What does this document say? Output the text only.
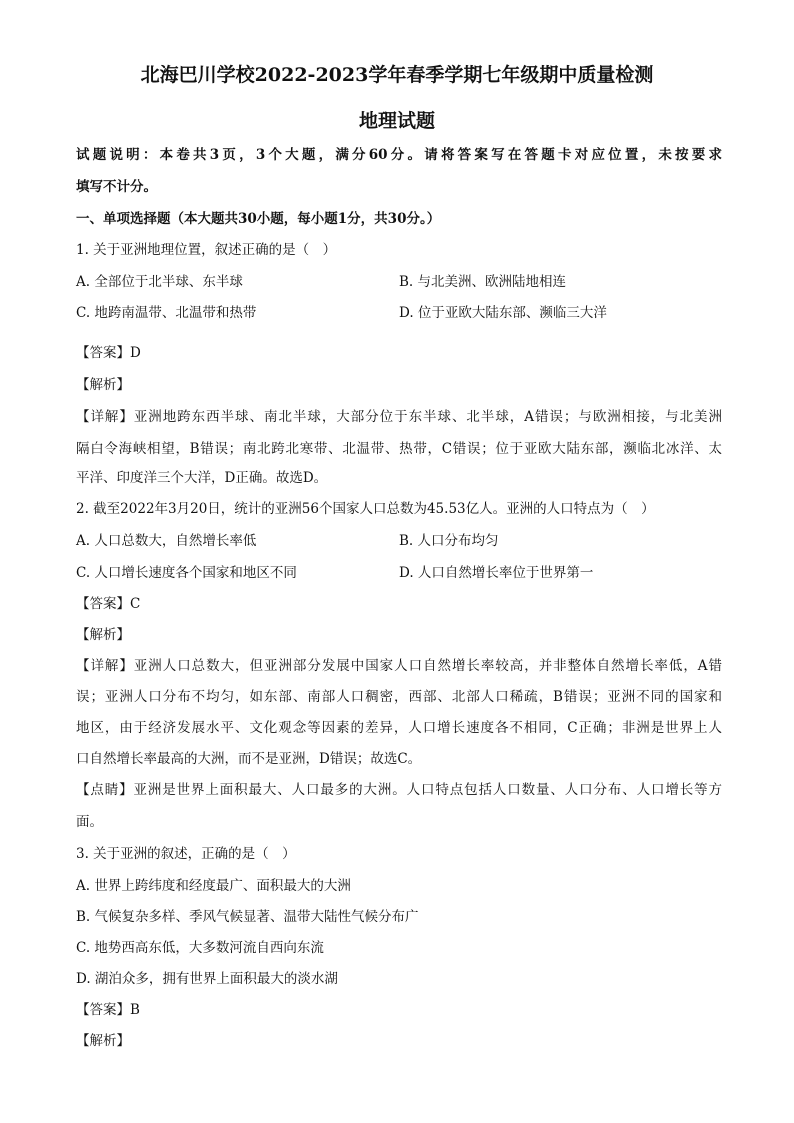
北海巴川学校2022-2023学年春季学期七年级期中质量检测
地理试题
试题说明：本卷共3页，3个大题，满分60分。请将答案写在答题卡对应位置，未按要求
填写不计分。
一、单项选择题（本大题共30小题，每小题1分，共30分。）
1. 关于亚洲地理位置，叙述正确的是（　）
A. 全部位于北半球、东半球	B. 与北美洲、欧洲陆地相连
C. 地跨南温带、北温带和热带	D. 位于亚欧大陆东部、濒临三大洋
【答案】D
【解析】
【详解】亚洲地跨东西半球、南北半球，大部分位于东半球、北半球，A错误；与欧洲相接，与北美洲
隔白令海峡相望，B错误；南北跨北寒带、北温带、热带，C错误；位于亚欧大陆东部，濒临北冰洋、太
平洋、印度洋三个大洋，D正确。故选D。
2. 截至2022年3月20日，统计的亚洲56个国家人口总数为45.53亿人。亚洲的人口特点为（　）
A. 人口总数大，自然增长率低	B. 人口分布均匀
C. 人口增长速度各个国家和地区不同	D. 人口自然增长率位于世界第一
【答案】C
【解析】
【详解】亚洲人口总数大，但亚洲部分发展中国家人口自然增长率较高，并非整体自然增长率低，A错
误；亚洲人口分布不均匀，如东部、南部人口稠密，西部、北部人口稀疏，B错误；亚洲不同的国家和
地区，由于经济发展水平、文化观念等因素的差异，人口增长速度各不相同，C正确；非洲是世界上人
口自然增长率最高的大洲，而不是亚洲，D错误；故选C。
【点睛】亚洲是世界上面积最大、人口最多的大洲。人口特点包括人口数量、人口分布、人口增长等方
面。
3. 关于亚洲的叙述，正确的是（　）
A. 世界上跨纬度和经度最广、面积最大的大洲
B. 气候复杂多样、季风气候显著、温带大陆性气候分布广
C. 地势西高东低，大多数河流自西向东流
D. 湖泊众多，拥有世界上面积最大的淡水湖
【答案】B
【解析】
